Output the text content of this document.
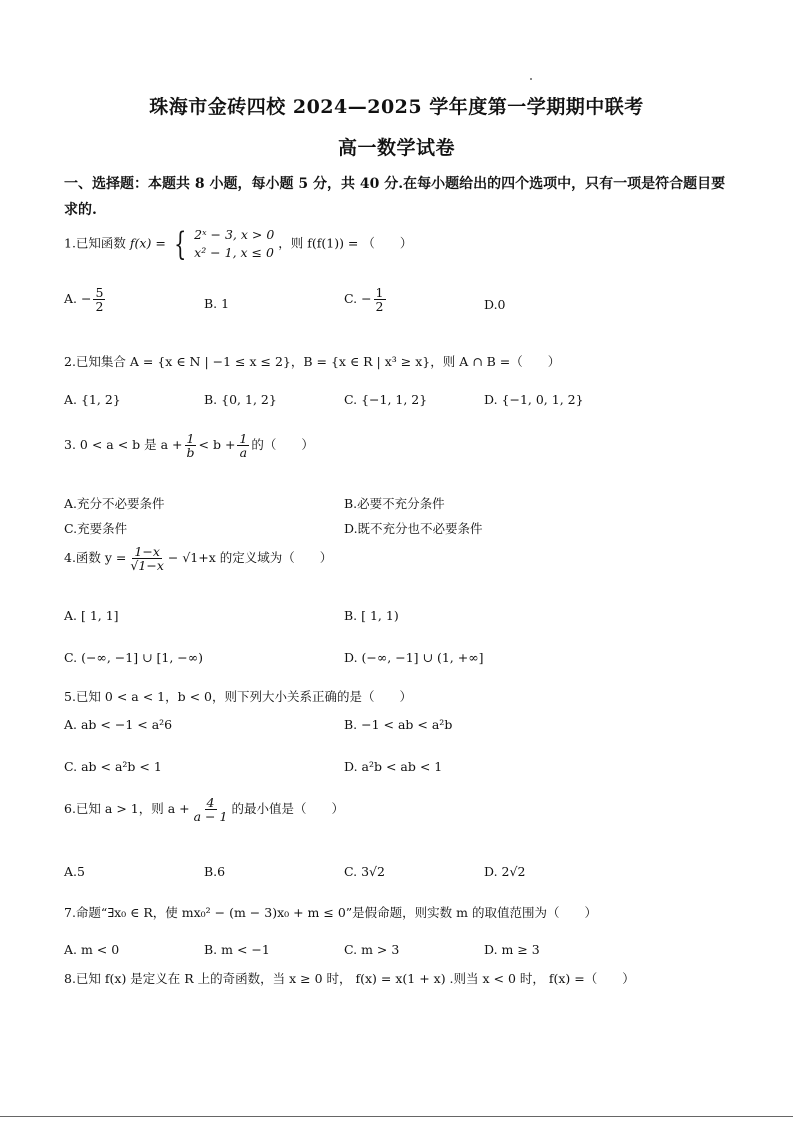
珠海市金砖四校 2024—2025 学年度第一学期期中联考
高一数学试卷
一、选择题：本题共 8 小题，每小题 5 分，共 40 分.在每小题给出的四个选项中，只有一项是符合题目要求的.
1.已知函数 f(x) = { 2ˣ − 3, x > 0
x² − 1, x ≤ 0
，则 f(f(1)) = （　　）
A. − $\frac{5}{2}$	B. 1	C. − $\frac{1}{2}$	D.0
2.已知集合 A = {x ∈ N | −1 ≤ x ≤ 2}，B = {x ∈ R | x³ ≥ x}，则 A ∩ B =（　　）
A. {1, 2}	B. {0, 1, 2}	C. {−1, 1, 2}	D. {−1, 0, 1, 2}
3. 0 < a < b 是 $a + \frac{1}{b} < b + \frac{1}{a}$ 的（　　）
A.充分不必要条件	B.必要不充分条件
C.充要条件	D.既不充分也不必要条件
4.函数 $y = \frac{1-x}{√1-x} - √1+x$ 的定义域为（　　）
A. [ 1, 1]	B. [ 1, 1)
C. (−∞, −1] ∪ [1, −∞)	D. (−∞, −1] ∪ (1, +∞]
5.已知 0 < a < 1，b < 0，则下列大小关系正确的是（　　）
A. ab < −1 < a²6	B. −1 < ab < a²b
C. ab < a²b < 1	D. a²b < ab < 1
6.已知 a > 1，则 $a + \frac{4}{a - 1}$ 的最小值是（　　）
A.5	B.6	C. 3√2	D. 2√2
7.命题“∃x₀ ∈ R，使 mx₀² − (m − 3)x₀ + m ≤ 0”是假命题，则实数 m 的取值范围为（　　）
A. m < 0	B. m < −1	C. m > 3	D. m ≥ 3
8.已知 f(x) 是定义在 R 上的奇函数，当 x ≥ 0 时， f(x) = x(1 + x) .则当 x < 0 时， f(x) =（　　）
